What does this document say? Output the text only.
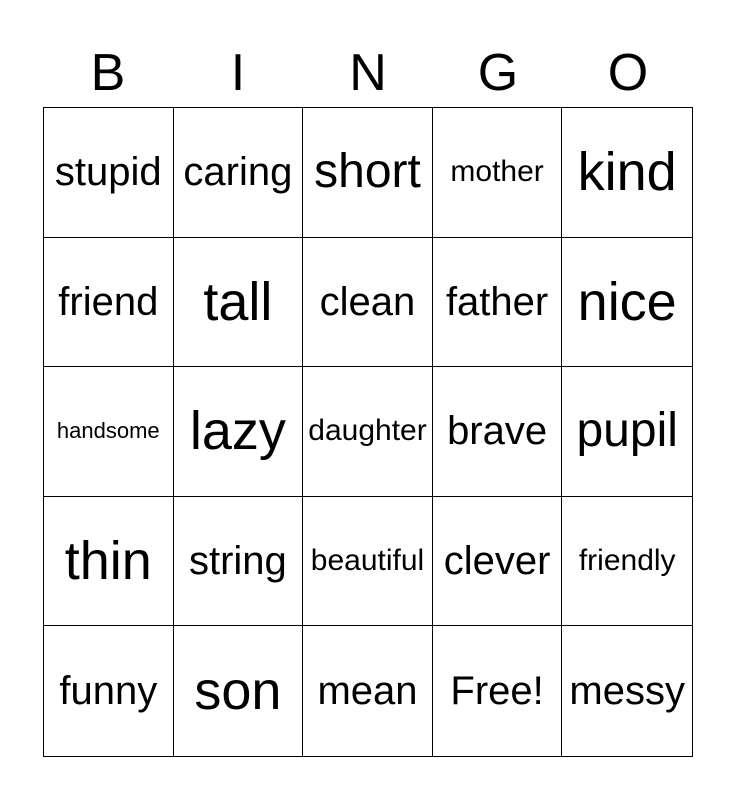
B	I	N	G	O
stupid caring short mother kind
friend tall	clean father nice
handsome lazy daughter brave pupil
thin string beautiful clever friendly
funny son mean Free! messy
